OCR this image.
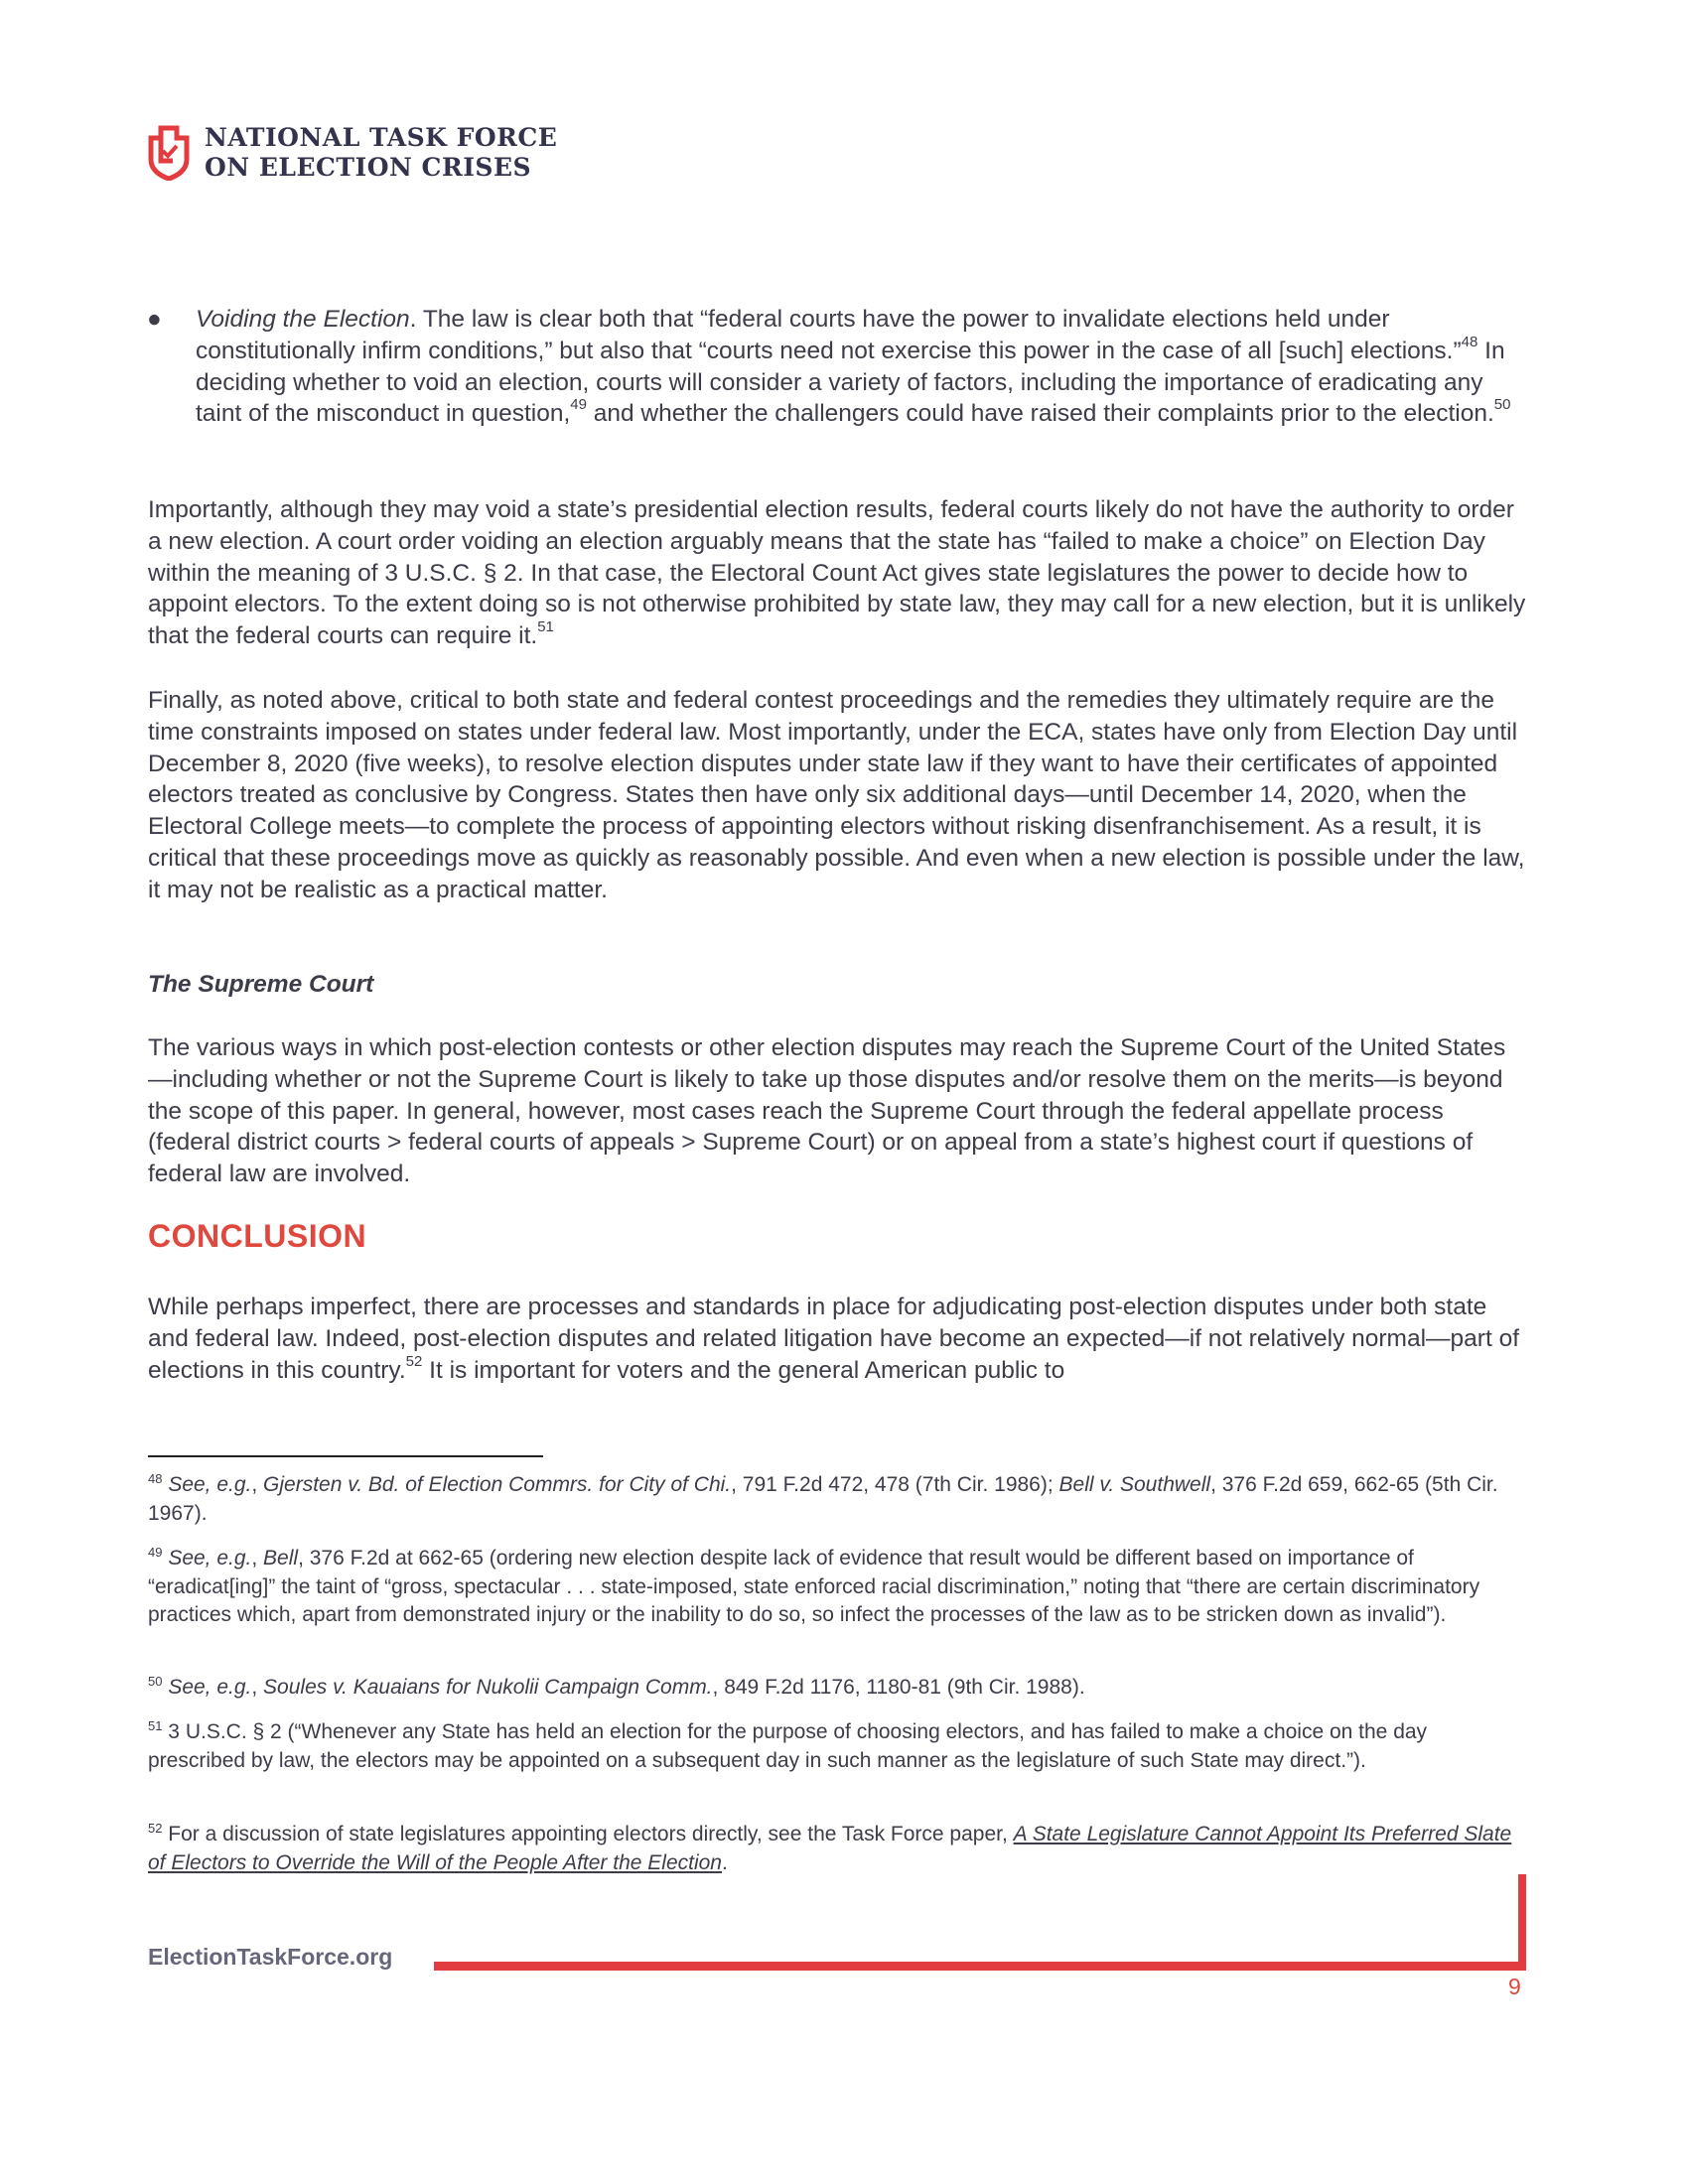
NATIONAL TASK FORCE
ON ELECTION CRISES
● Voiding the Election. The law is clear both that “federal courts have the power to invalidate elections held under constitutionally infirm conditions,” but also that “courts need not exercise this power in the case of all [such] elections.”$^{48}$ In deciding whether to void an election, courts will consider a variety of factors, including the importance of eradicating any taint of the misconduct in question,$^{49}$ and whether the challengers could have raised their complaints prior to the election.$^{50}$

Importantly, although they may void a state’s presidential election results, federal courts likely do not have the authority to order a new election. A court order voiding an election arguably means that the state has “failed to make a choice” on Election Day within the meaning of 3 U.S.C. § 2. In that case, the Electoral Count Act gives state legislatures the power to decide how to appoint electors. To the extent doing so is not otherwise prohibited by state law, they may call for a new election, but it is unlikely that the federal courts can require it.$^{51}$

Finally, as noted above, critical to both state and federal contest proceedings and the remedies they ultimately require are the time constraints imposed on states under federal law. Most importantly, under the ECA, states have only from Election Day until December 8, 2020 (five weeks), to resolve election disputes under state law if they want to have their certificates of appointed electors treated as conclusive by Congress. States then have only six additional days—until December 14, 2020, when the Electoral College meets—to complete the process of appointing electors without risking disenfranchisement. As a result, it is critical that these proceedings move as quickly as reasonably possible. And even when a new election is possible under the law, it may not be realistic as a practical matter.

The Supreme Court

The various ways in which post-election contests or other election disputes may reach the Supreme Court of the United States—including whether or not the Supreme Court is likely to take up those disputes and/or resolve them on the merits—is beyond the scope of this paper. In general, however, most cases reach the Supreme Court through the federal appellate process (federal district courts > federal courts of appeals > Supreme Court) or on appeal from a state’s highest court if questions of federal law are involved.

CONCLUSION

While perhaps imperfect, there are processes and standards in place for adjudicating post-election disputes under both state and federal law. Indeed, post-election disputes and related litigation have become an expected—if not relatively normal—part of elections in this country.$^{52}$ It is important for voters and the general American public to

$^{48}$ See, e.g., Gjersten v. Bd. of Election Commrs. for City of Chi., 791 F.2d 472, 478 (7th Cir. 1986); Bell v. Southwell, 376 F.2d 659, 662-65 (5th Cir. 1967).

$^{49}$ See, e.g., Bell, 376 F.2d at 662-65 (ordering new election despite lack of evidence that result would be different based on importance of “eradicat[ing]” the taint of “gross, spectacular . . . state-imposed, state enforced racial discrimination,” noting that “there are certain discriminatory practices which, apart from demonstrated injury or the inability to do so, so infect the processes of the law as to be stricken down as invalid”).

$^{50}$ See, e.g., Soules v. Kauaians for Nukolii Campaign Comm., 849 F.2d 1176, 1180-81 (9th Cir. 1988).

$^{51}$ 3 U.S.C. § 2 (“Whenever any State has held an election for the purpose of choosing electors, and has failed to make a choice on the day prescribed by law, the electors may be appointed on a subsequent day in such manner as the legislature of such State may direct.”).

$^{52}$ For a discussion of state legislatures appointing electors directly, see the Task Force paper, A State Legislature Cannot Appoint Its Preferred Slate of Electors to Override the Will of the People After the Election.

ElectionTaskForce.org
9
